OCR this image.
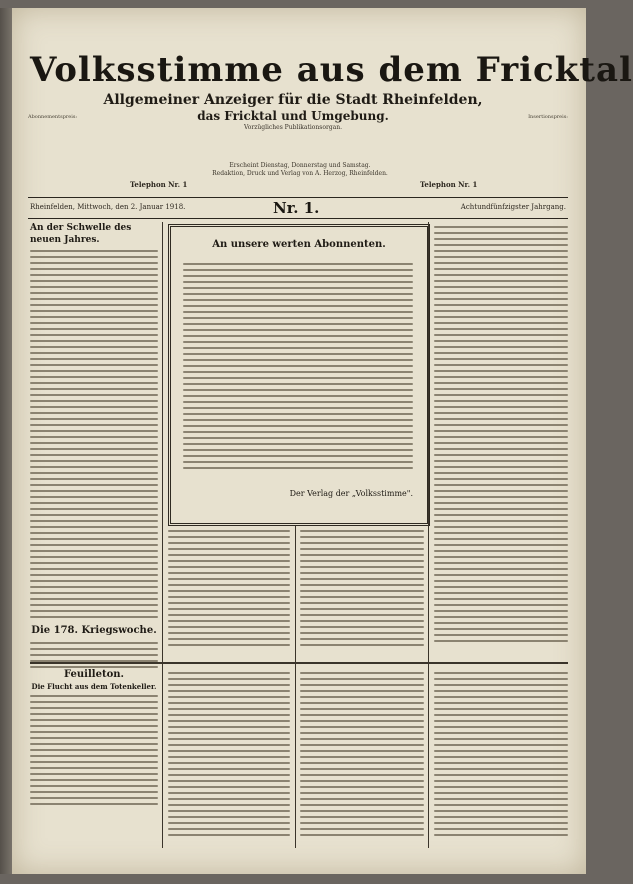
Volksstimme aus dem Fricktal
Allgemeiner Anzeiger für die Stadt Rheinfelden,
das Fricktal und Umgebung.
Vorzügliches Publikationsorgan.
Abonnementspreis:	Insertionspreis:
Erscheint Dienstag, Donnerstag und Samstag.
Redaktion, Druck und Verlag von A. Herzog, Rheinfelden.
Telephon Nr. 1	Telephon Nr. 1
Rheinfelden, Mittwoch, den 2. Januar 1918.	Nr. 1.	Achtundfünfzigster Jahrgang.
An der Schwelle des neuen Jahres.
Die 178. Kriegswoche.
An unsere werten Abonnenten.
Der Verlag der „Volksstimme".
Feuilleton.
Die Flucht aus dem Totenkeller.
